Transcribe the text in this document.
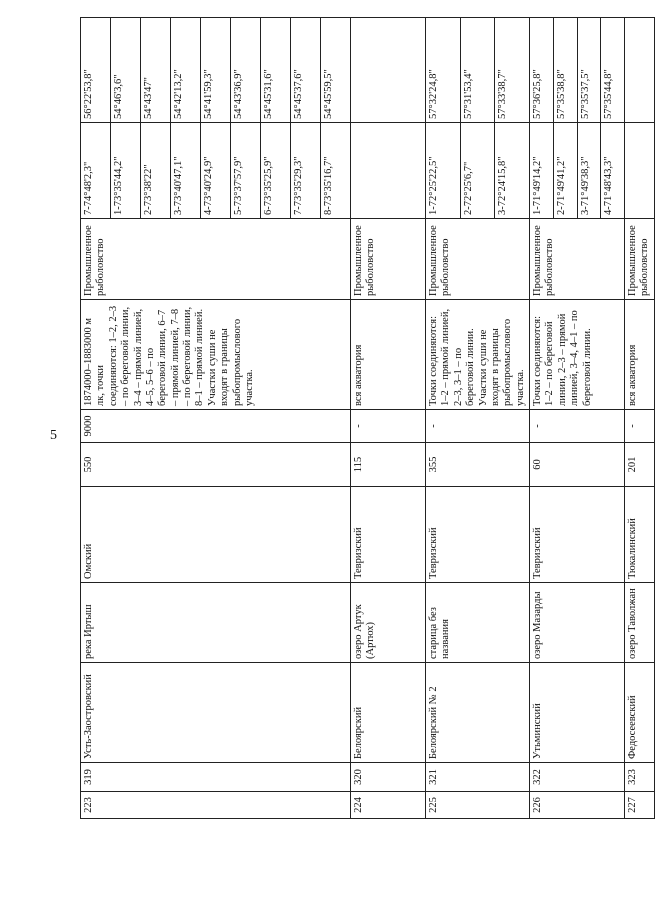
5
223	319	Усть-Заостровский	река Иртыш	Омский	550	9000	1874000–1883000 м лк, точки соединяются: 1–2, 2–3 – по береговой линии, 3–4 – прямой линией, 4–5, 5–6 – по береговой линии, 6–7 – прямой линией, 7–8 – по береговой линии, 8–1 – прямой линией. Участки суши не входят в границы рыбопромыслового участка.	Промышленное рыболовство	7-74°48'2,3"	56°22'53,8"
									1-73°35'44,2"	54°46'3,6"
									2-73°38'22"	54°43'47"
									3-73°40'47,1"	54°42'13,2"
									4-73°40'24,9"	54°41'59,3"
									5-73°37'57,9"	54°43'36,9"
									6-73°35'25,9"	54°45'31,6"
									7-73°35'29,3"	54°45'37,6"
									8-73°35'16,7"	54°45'59,5"
224	320	Белоярский	озеро Артук (Артюх)	Тевризский	115	-	вся акватория	Промышленное рыболовство		
225	321	Белоярский № 2	старица без названия	Тевризский	355	-	Точки соединяются: 1–2 – прямой линией, 2–3, 3–1 – по береговой линии. Участки суши не входят в границы рыбопромыслового участка.	Промышленное рыболовство	1-72°25'22,5"	57°32'24,8"
									2-72°25'6,7"	57°31'53,4"
									3-72°24'15,8"	57°33'38,7"
226	322	Утьминский	озеро Мазарды	Тевризский	60	-	Точки соединяются: 1–2 – по береговой линии, 2–3 – прямой линией, 3–4, 4–1 – по береговой линии.	Промышленное рыболовство	1-71°49'14,2"	57°36'25,8"
									2-71°49'41,2"	57°35'38,8"
									3-71°49'38,3"	57°35'37,5"
									4-71°48'43,3"	57°35'44,8"
227	323	Федосеевский	озеро Таволжан	Тюкалинский	201	-	вся акватория	Промышленное рыболовство		
